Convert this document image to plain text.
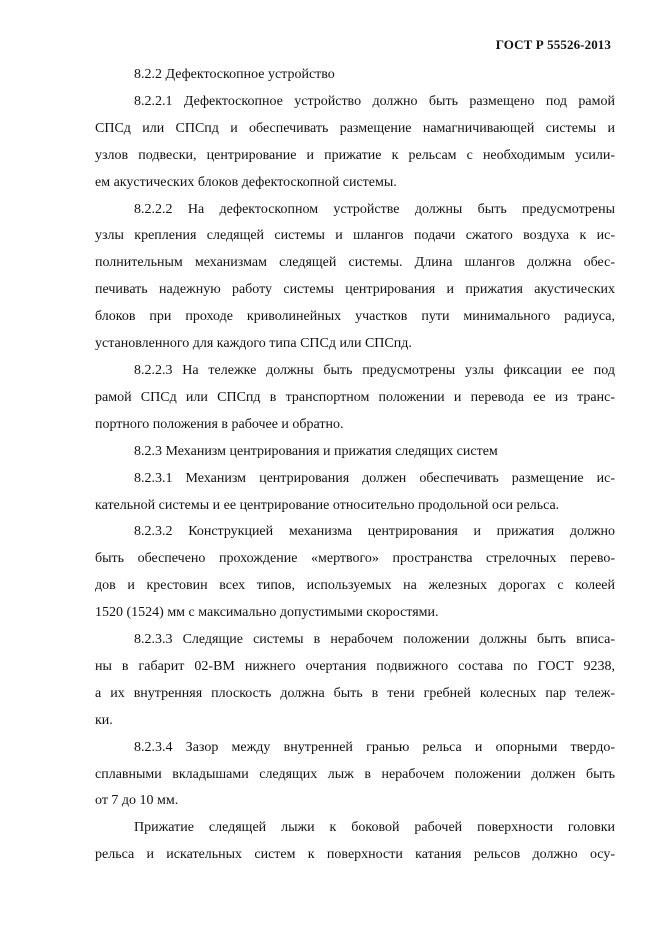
ГОСТ Р 55526-2013
8.2.2 Дефектоскопное устройство
8.2.2.1 Дефектоскопное устройство должно быть размещено под рамой
СПСд или СПСпд и обеспечивать размещение намагничивающей системы и
узлов подвески, центрирование и прижатие к рельсам с необходимым усили-
ем акустических блоков дефектоскопной системы.
8.2.2.2 На дефектоскопном устройстве должны быть предусмотрены
узлы крепления следящей системы и шлангов подачи сжатого воздуха к ис-
полнительным механизмам следящей системы. Длина шлангов должна обес-
печивать надежную работу системы центрирования и прижатия акустических
блоков при проходе криволинейных участков пути минимального радиуса,
установленного для каждого типа СПСд или СПСпд.
8.2.2.3 На тележке должны быть предусмотрены узлы фиксации ее под
рамой СПСд или СПСпд в транспортном положении и перевода ее из транс-
портного положения в рабочее и обратно.
8.2.3 Механизм центрирования и прижатия следящих систем
8.2.3.1 Механизм центрирования должен обеспечивать размещение ис-
кательной системы и ее центрирование относительно продольной оси рельса.
8.2.3.2 Конструкцией механизма центрирования и прижатия должно
быть обеспечено прохождение «мертвого» пространства стрелочных перево-
дов и крестовин всех типов, используемых на железных дорогах с колеей
1520 (1524) мм с максимально допустимыми скоростями.
8.2.3.3 Следящие системы в нерабочем положении должны быть вписа-
ны в габарит 02-ВМ нижнего очертания подвижного состава по ГОСТ 9238,
а их внутренняя плоскость должна быть в тени гребней колесных пар тележ-
ки.
8.2.3.4 Зазор между внутренней гранью рельса и опорными твердо-
сплавными вкладышами следящих лыж в нерабочем положении должен быть
от 7 до 10 мм.
Прижатие следящей лыжи к боковой рабочей поверхности головки
рельса и искательных систем к поверхности катания рельсов должно осу-
